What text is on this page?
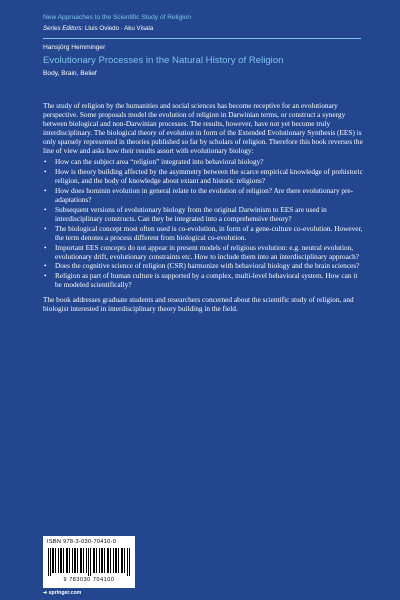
New Approaches to the Scientific Study of Religion
Series Editors: Lluis Oviedo · Aku Visala
Hansjörg Hemminger
Evolutionary Processes in the Natural History of Religion
Body, Brain, Belief

The study of religion by the humanities and social sciences has become receptive for an evolutionary perspective. Some proposals model the evolution of religion in Darwinian terms, or construct a synergy between biological and non-Darwinian processes. The results, however, have not yet become truly interdisciplinary. The biological theory of evolution in form of the Extended Evolutionary Synthesis (EES) is only sparsely represented in theories published so far by scholars of religion. Therefore this book reverses the line of view and asks how their results assort with evolutionary biology:

• How can the subject area “religion” integrated into behavioral biology?
• How is theory building affected by the asymmetry between the scarce empirical knowledge of prehistoric religion, and the body of knowledge about extant and historic religions?
• How does hominin evolution in general relate to the evolution of religion? Are there evolutionary pre-adaptations?
• Subsequent versions of evolutionary biology from the original Darwinism to EES are used in interdisciplinary constructs. Can they be integrated into a comprehensive theory?
• The biological concept most often used is co-evolution, in form of a gene-culture co-evolution. However, the term denotes a process different from biological co-evolution.
• Important EES concepts do not appear in present models of religious evolution: e.g. neutral evolution, evolutionary drift, evolutionary constraints etc. How to include them into an interdisciplinary approach?
• Does the cognitive science of religion (CSR) harmonize with behavioral biology and the brain sciences?
• Religion as part of human culture is supported by a complex, multi-level behavioral system. How can it be modeled scientifically?

The book addresses graduate students and researchers concerned about the scientific study of religion, and biologist interested in interdisciplinary theory building in the field.

ISBN 978-3-030-70410-0
9 783030 704100
➜ springer.com
